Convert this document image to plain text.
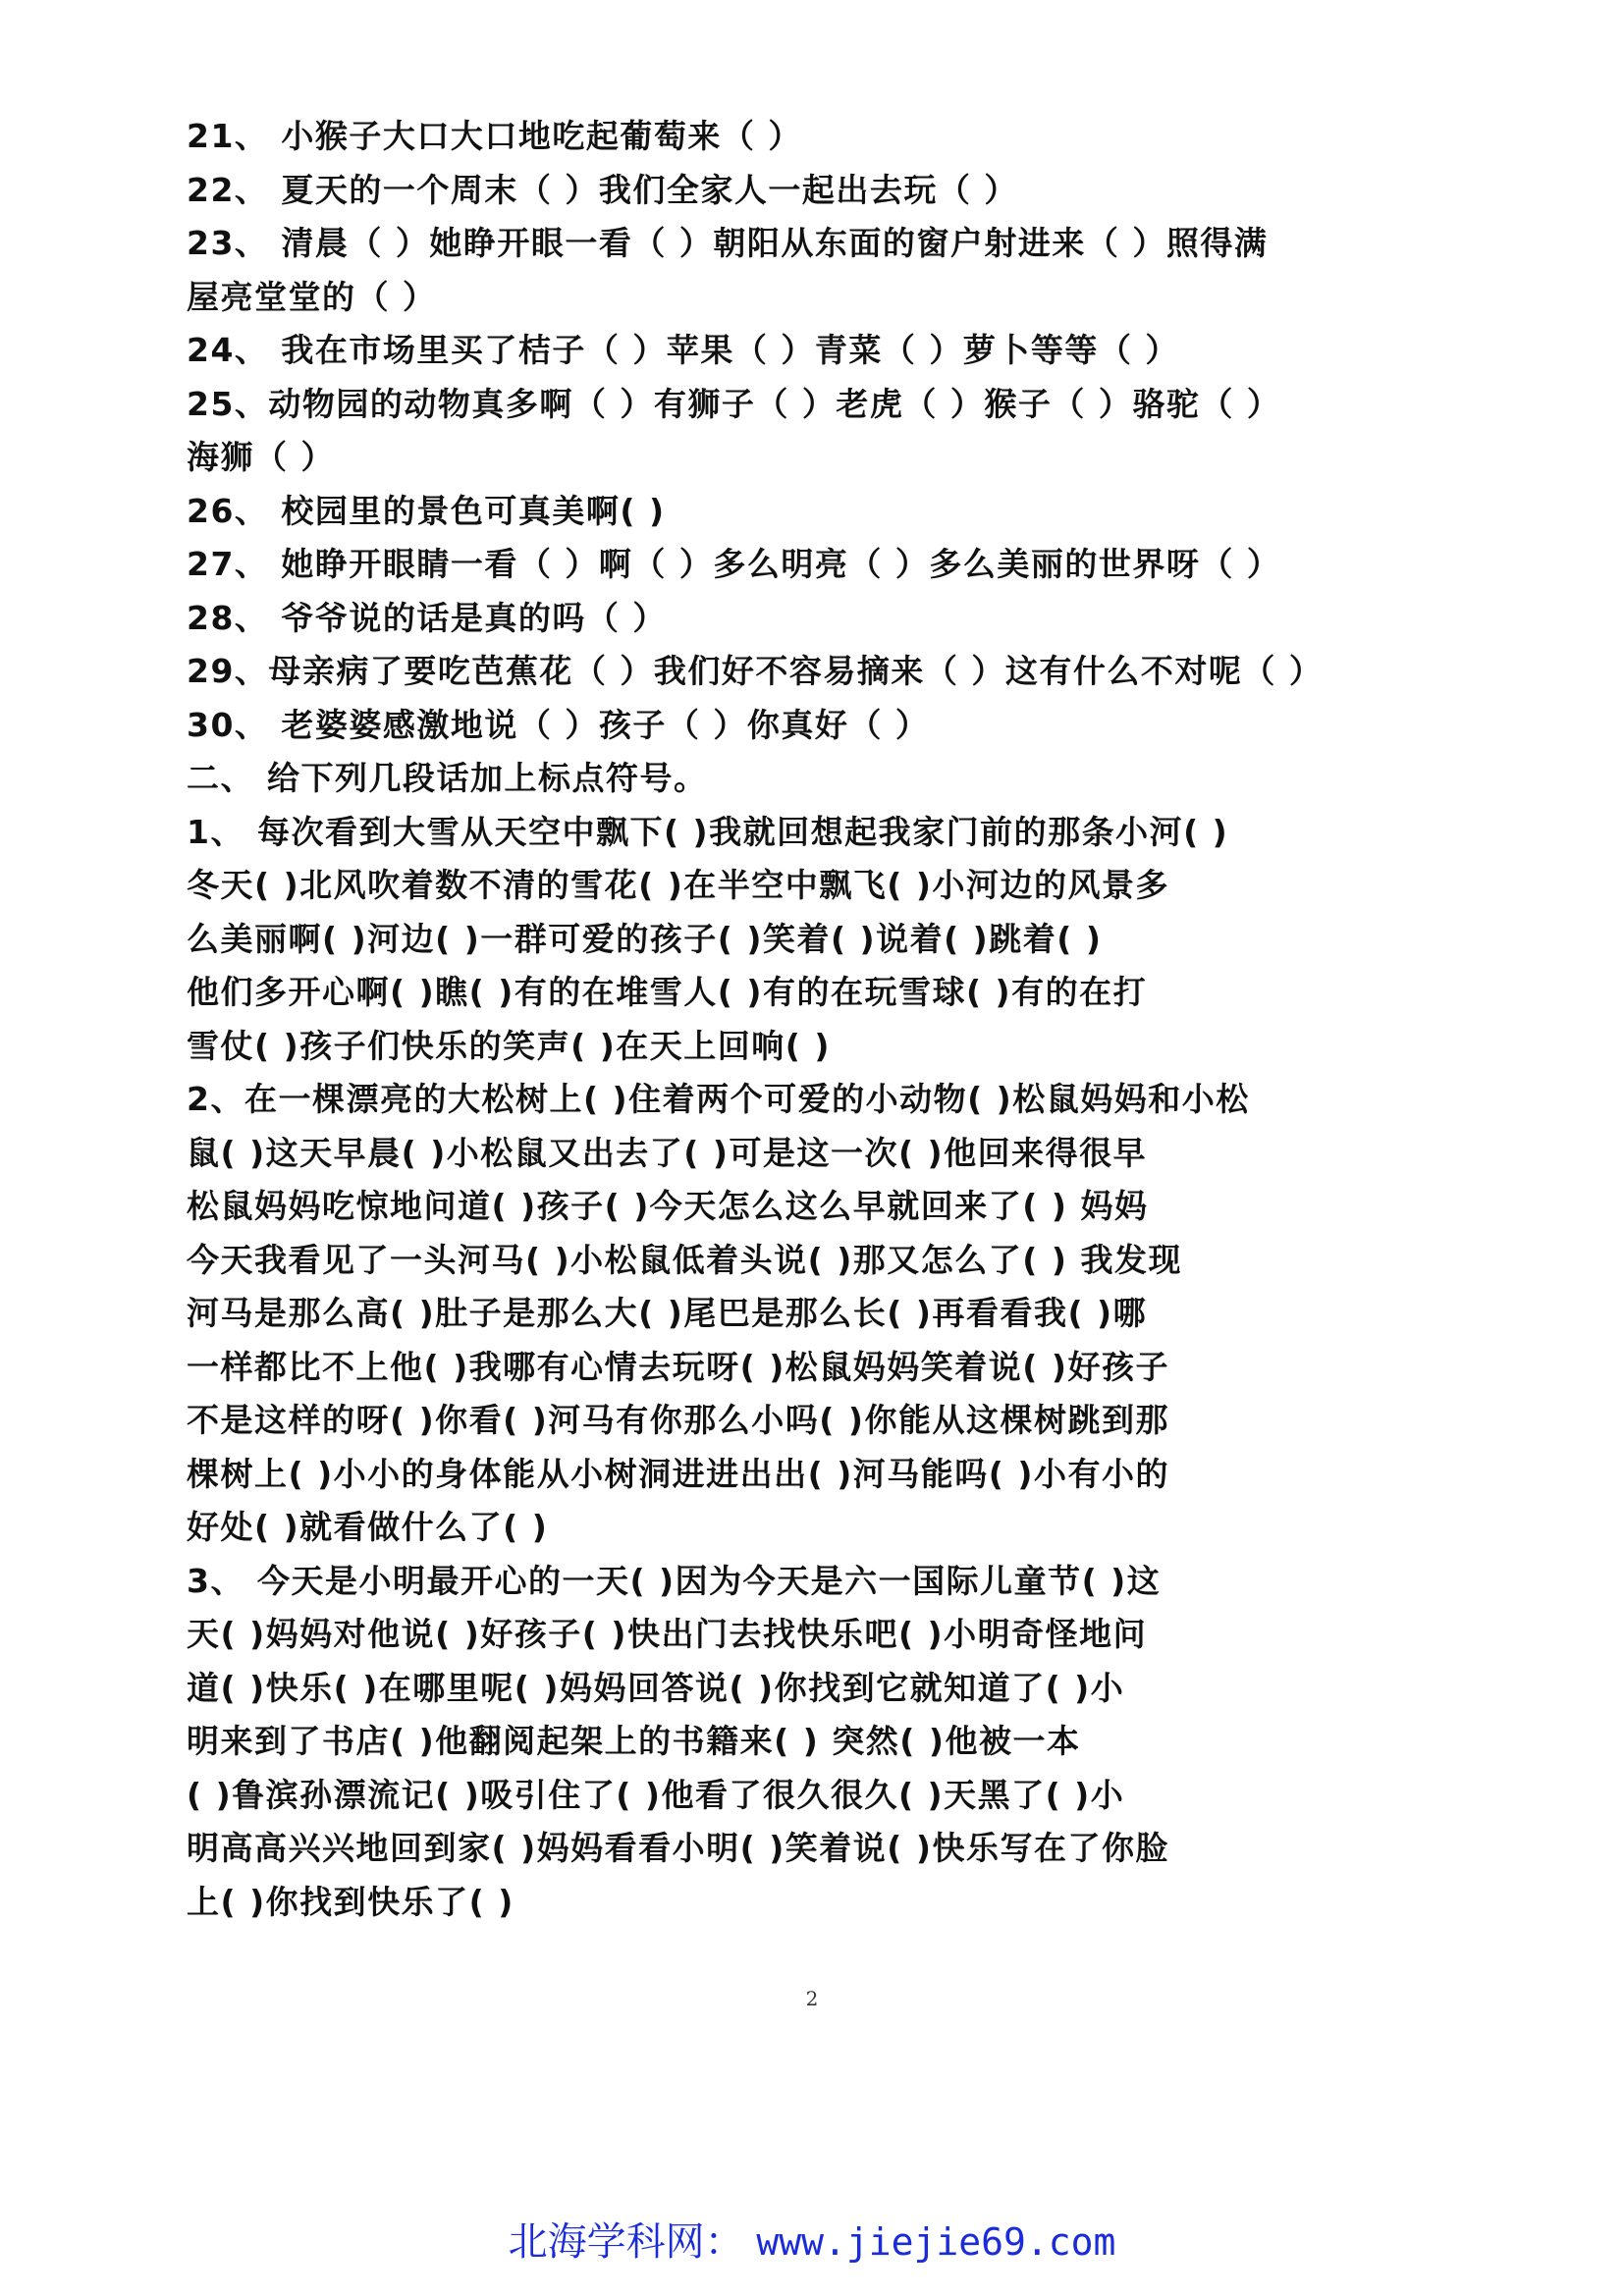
21、 小猴子大口大口地吃起葡萄来（ ）
22、 夏天的一个周末（ ）我们全家人一起出去玩（ ）
23、 清晨（ ）她睁开眼一看（ ）朝阳从东面的窗户射进来（ ）照得满
屋亮堂堂的（ ）
24、 我在市场里买了桔子（ ）苹果（ ）青菜（ ）萝卜等等（ ）
25、动物园的动物真多啊（ ）有狮子（ ）老虎（ ）猴子（ ）骆驼（ ）
海狮（ ）
26、 校园里的景色可真美啊( )
27、 她睁开眼睛一看（ ）啊（ ）多么明亮（ ）多么美丽的世界呀（ ）
28、 爷爷说的话是真的吗（ ）
29、母亲病了要吃芭蕉花（ ）我们好不容易摘来（ ）这有什么不对呢（ ）
30、 老婆婆感激地说（ ）孩子（ ）你真好（ ）
二、 给下列几段话加上标点符号。
1、 每次看到大雪从天空中飘下( )我就回想起我家门前的那条小河( )
冬天( )北风吹着数不清的雪花( )在半空中飘飞( )小河边的风景多
么美丽啊( )河边( )一群可爱的孩子( )笑着( )说着( )跳着( )
他们多开心啊( )瞧( )有的在堆雪人( )有的在玩雪球( )有的在打
雪仗( )孩子们快乐的笑声( )在天上回响( )
2、在一棵漂亮的大松树上( )住着两个可爱的小动物( )松鼠妈妈和小松
鼠( )这天早晨( )小松鼠又出去了( )可是这一次( )他回来得很早
松鼠妈妈吃惊地问道( )孩子( )今天怎么这么早就回来了( ) 妈妈
今天我看见了一头河马( )小松鼠低着头说( )那又怎么了( ) 我发现
河马是那么高( )肚子是那么大( )尾巴是那么长( )再看看我( )哪
一样都比不上他( )我哪有心情去玩呀( )松鼠妈妈笑着说( )好孩子
不是这样的呀( )你看( )河马有你那么小吗( )你能从这棵树跳到那
棵树上( )小小的身体能从小树洞进进出出( )河马能吗( )小有小的
好处( )就看做什么了( )
3、 今天是小明最开心的一天( )因为今天是六一国际儿童节( )这
天( )妈妈对他说( )好孩子( )快出门去找快乐吧( )小明奇怪地问
道( )快乐( )在哪里呢( )妈妈回答说( )你找到它就知道了( )小
明来到了书店( )他翻阅起架上的书籍来( ) 突然( )他被一本
( )鲁滨孙漂流记( )吸引住了( )他看了很久很久( )天黑了( )小
明高高兴兴地回到家( )妈妈看看小明( )笑着说( )快乐写在了你脸
上( )你找到快乐了( )
2
北海学科网： www.jiejie69.com
